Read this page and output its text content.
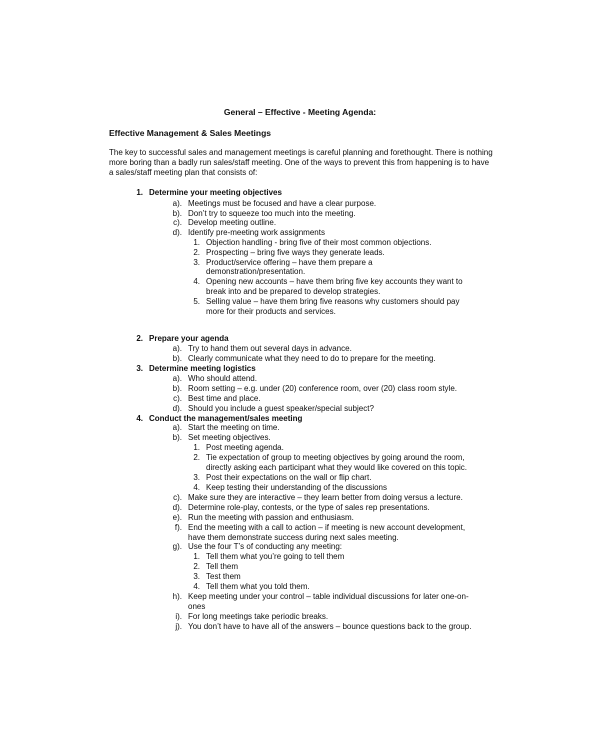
General – Effective - Meeting Agenda:
Effective Management & Sales Meetings
The key to successful sales and management meetings is careful planning and forethought. There is nothing more boring than a badly run sales/staff meeting. One of the ways to prevent this from happening is to have a sales/staff meeting plan that consists of:
1. Determine your meeting objectives
a). Meetings must be focused and have a clear purpose.
b). Don’t try to squeeze too much into the meeting.
c). Develop meeting outline.
d). Identify pre-meeting work assignments
1. Objection handling - bring five of their most common objections.
2. Prospecting – bring five ways they generate leads.
3. Product/service offering – have them prepare a
demonstration/presentation.
4. Opening new accounts – have them bring five key accounts they want to
break into and be prepared to develop strategies.
5. Selling value – have them bring five reasons why customers should pay
more for their products and services.
2. Prepare your agenda
a). Try to hand them out several days in advance.
b). Clearly communicate what they need to do to prepare for the meeting.
3. Determine meeting logistics
a). Who should attend.
b). Room setting – e.g. under (20) conference room, over (20) class room style.
c). Best time and place.
d). Should you include a guest speaker/special subject?
4. Conduct the management/sales meeting
a). Start the meeting on time.
b). Set meeting objectives.
1. Post meeting agenda.
2. Tie expectation of group to meeting objectives by going around the room,
directly asking each participant what they would like covered on this topic.
3. Post their expectations on the wall or flip chart.
4. Keep testing their understanding of the discussions
c). Make sure they are interactive – they learn better from doing versus a lecture.
d). Determine role-play, contests, or the type of sales rep presentations.
e). Run the meeting with passion and enthusiasm.
f). End the meeting with a call to action – if meeting is new account development,
have them demonstrate success during next sales meeting.
g). Use the four T’s of conducting any meeting:
1. Tell them what you’re going to tell them
2. Tell them
3. Test them
4. Tell them what you told them.
h). Keep meeting under your control – table individual discussions for later one-on-
ones
i). For long meetings take periodic breaks.
j). You don’t have to have all of the answers – bounce questions back to the group.
